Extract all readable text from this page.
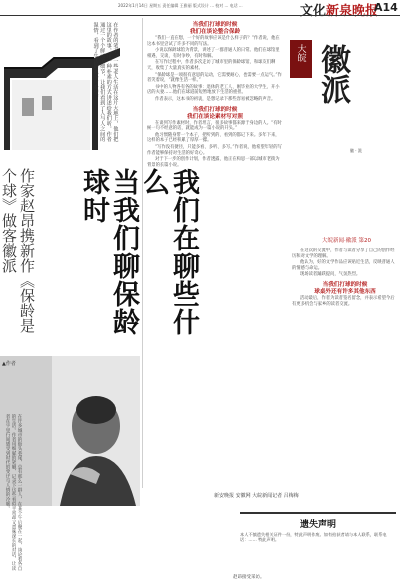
2022年1月14日 星期五 责任编辑 王雅丽 版式设计 ... 校对 ... 电话 ...	文化 新泉晚报
A14

在作者的笔下，一些老人生活在这片大地上，他们把这里的故事，用一种朴素的方式讲述给我们听。作者通过一个个鲜活的细节，让我们看到了人与人之间的温情，看到了生活的艰辛与希望。

我们在聊些什么
当我们聊保龄球时
作家赵昂携新作《保龄是个球》做客徽派
▲作者
赵昂接受采访。

在许多城市的街头巷尾，总有那么一群人，在某个午后聚在一起，谈论着各自的生活。作者用细腻的笔触，记录下这些看似平常却又意味深长的对话，让读者在字里行间感受到时代的变迁与人情的冷暖。

当我们打球的时候
我们在谈论整合保龄

“我们一直在想，一个好的故事应该是什么样子的？”作者说，他在这本书里尝试了许多不同的写法。

小说以保龄球馆为背景，讲述了一群普通人的日常。他们在球馆里相遇、交谈，有时争吵，有时和解。

在写作过程中，作者多次走访了城市里的保龄球馆，和球友们聊天，收集了大量真实的素材。

“保龄球是一项很有意思的运动，它需要耐心，也需要一点运气。”作者笑着说，“就像生活一样。”

书中的人物各有各的故事：退休的老工人、刚毕业的大学生、开小店的夫妻……他们在球道前短暂地放下生活的重担。

作者表示，这本书的初衷，是想记录下那些容易被忽略的声音。

当我们打球的时候
我们在谈论素材写对照

在谈到写作素材时，作者坦言，很多故事都来源于身边的人。“有时候一句不经意的话，就能成为一篇小说的开头。”

他习惯随身带一个本子，把听到的、看到的都记下来。多年下来，这样的本子已经积累了厚厚一摞。

“写作没有捷径，只能多看、多听、多写。”作者说，他希望年轻的写作者能够保持对生活的好奇心。

对于下一步的创作计划，作者透露，他正在构思一部以城市老街为背景的长篇小说。

大皖 徽派
徽 · 派
大皖新闻·徽派 第20

在这次的交流中，作者与读者分享了自己的创作经历和对文学的理解。

他认为，好的文学作品应该贴近生活，反映普通人的情感与命运。

现场读者踊跃提问，气氛热烈。

当我们打球的时候
球桌外还有许多其他东西

活动最后，作者为读者签名留念，并表示希望今后有更多机会与家乡的读者交流。

新安晚报 安徽网 大皖新闻记者 吕梅梅
遗失声明

本人不慎遗失相关证件一份，特此声明作废。如有拾获者请与本人联系，联系电话：…… 特此声明。
